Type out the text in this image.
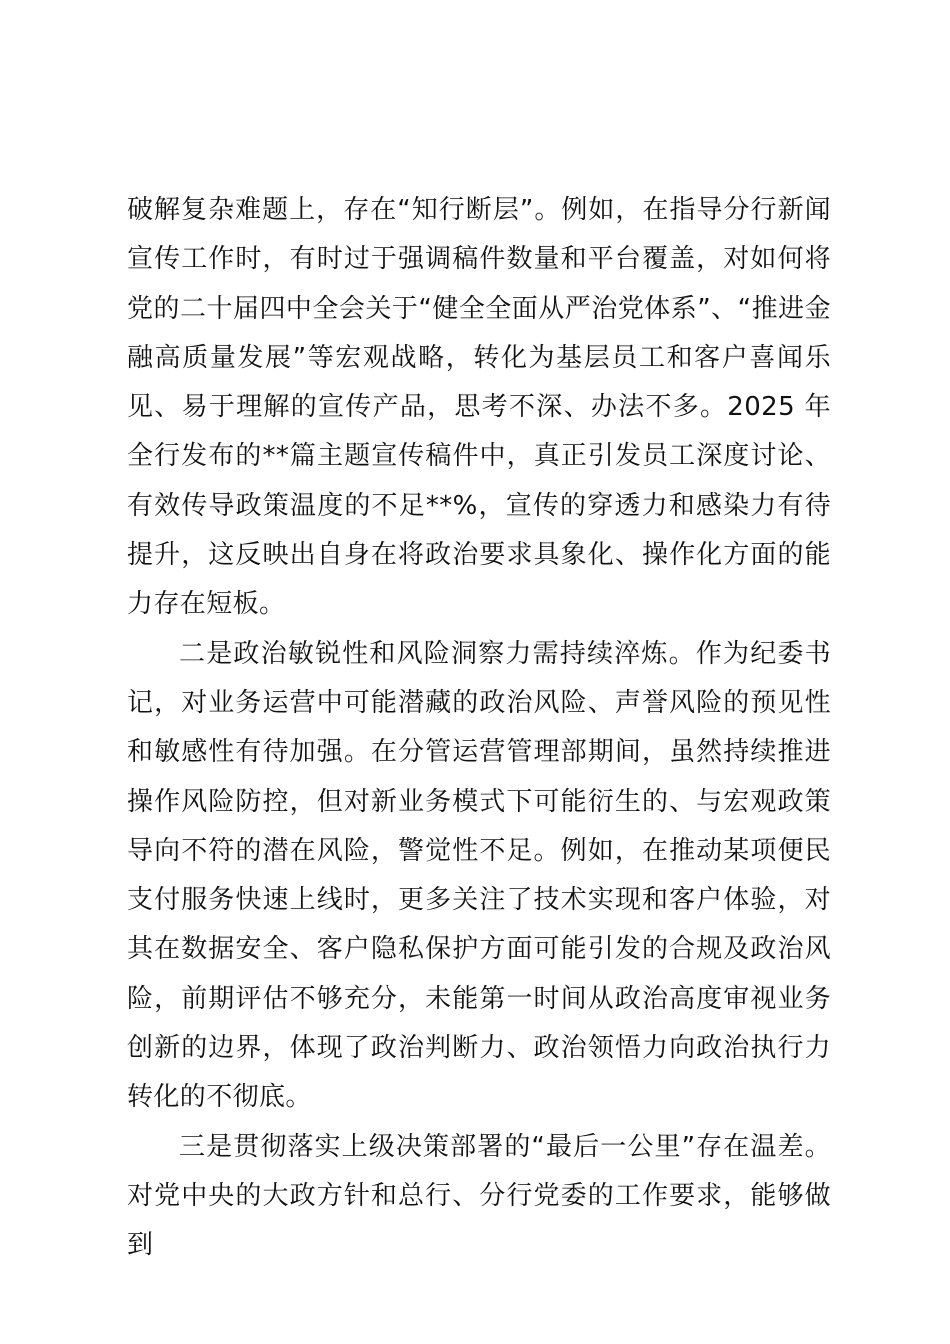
破解复杂难题上，存在“知行断层”。例如，在指导分行新闻宣传工作时，有时过于强调稿件数量和平台覆盖，对如何将党的二十届四中全会关于“健全全面从严治党体系”、“推进金融高质量发展”等宏观战略，转化为基层员工和客户喜闻乐见、易于理解的宣传产品，思考不深、办法不多。2025 年全行发布的**篇主题宣传稿件中，真正引发员工深度讨论、有效传导政策温度的不足**%，宣传的穿透力和感染力有待提升，这反映出自身在将政治要求具象化、操作化方面的能力存在短板。

二是政治敏锐性和风险洞察力需持续淬炼。作为纪委书记，对业务运营中可能潜藏的政治风险、声誉风险的预见性和敏感性有待加强。在分管运营管理部期间，虽然持续推进操作风险防控，但对新业务模式下可能衍生的、与宏观政策导向不符的潜在风险，警觉性不足。例如，在推动某项便民支付服务快速上线时，更多关注了技术实现和客户体验，对其在数据安全、客户隐私保护方面可能引发的合规及政治风险，前期评估不够充分，未能第一时间从政治高度审视业务创新的边界，体现了政治判断力、政治领悟力向政治执行力转化的不彻底。

三是贯彻落实上级决策部署的“最后一公里”存在温差。对党中央的大政方针和总行、分行党委的工作要求，能够做到
